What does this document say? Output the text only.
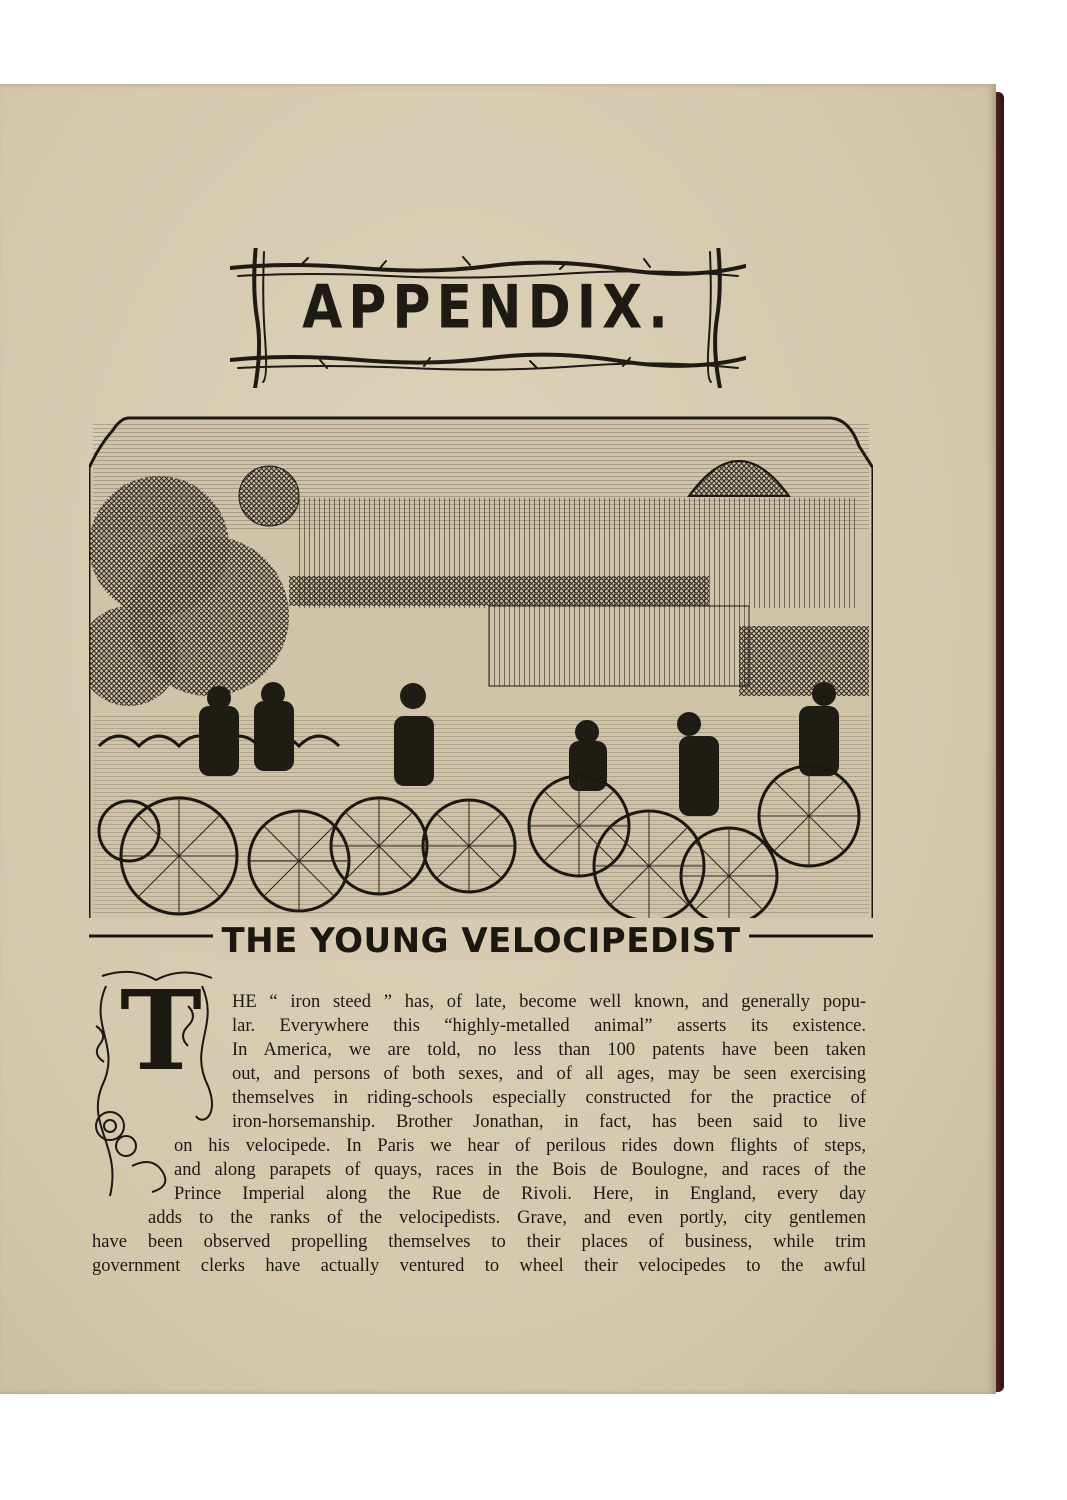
APPENDIX.
THE YOUNG VELOCIPEDIST
T HE “ iron steed ” has, of late, become well known, and generally popu-
lar. Everywhere this “highly-metalled animal” asserts its existence.
In America, we are told, no less than 100 patents have been taken
out, and persons of both sexes, and of all ages, may be seen exercising
themselves in riding-schools especially constructed for the practice of
iron-horsemanship. Brother Jonathan, in fact, has been said to live
on his velocipede. In Paris we hear of perilous rides down flights of steps,
and along parapets of quays, races in the Bois de Boulogne, and races of the
Prince Imperial along the Rue de Rivoli. Here, in England, every day
adds to the ranks of the velocipedists. Grave, and even portly, city gentlemen
have been observed propelling themselves to their places of business, while trim
government clerks have actually ventured to wheel their velocipedes to the awful
